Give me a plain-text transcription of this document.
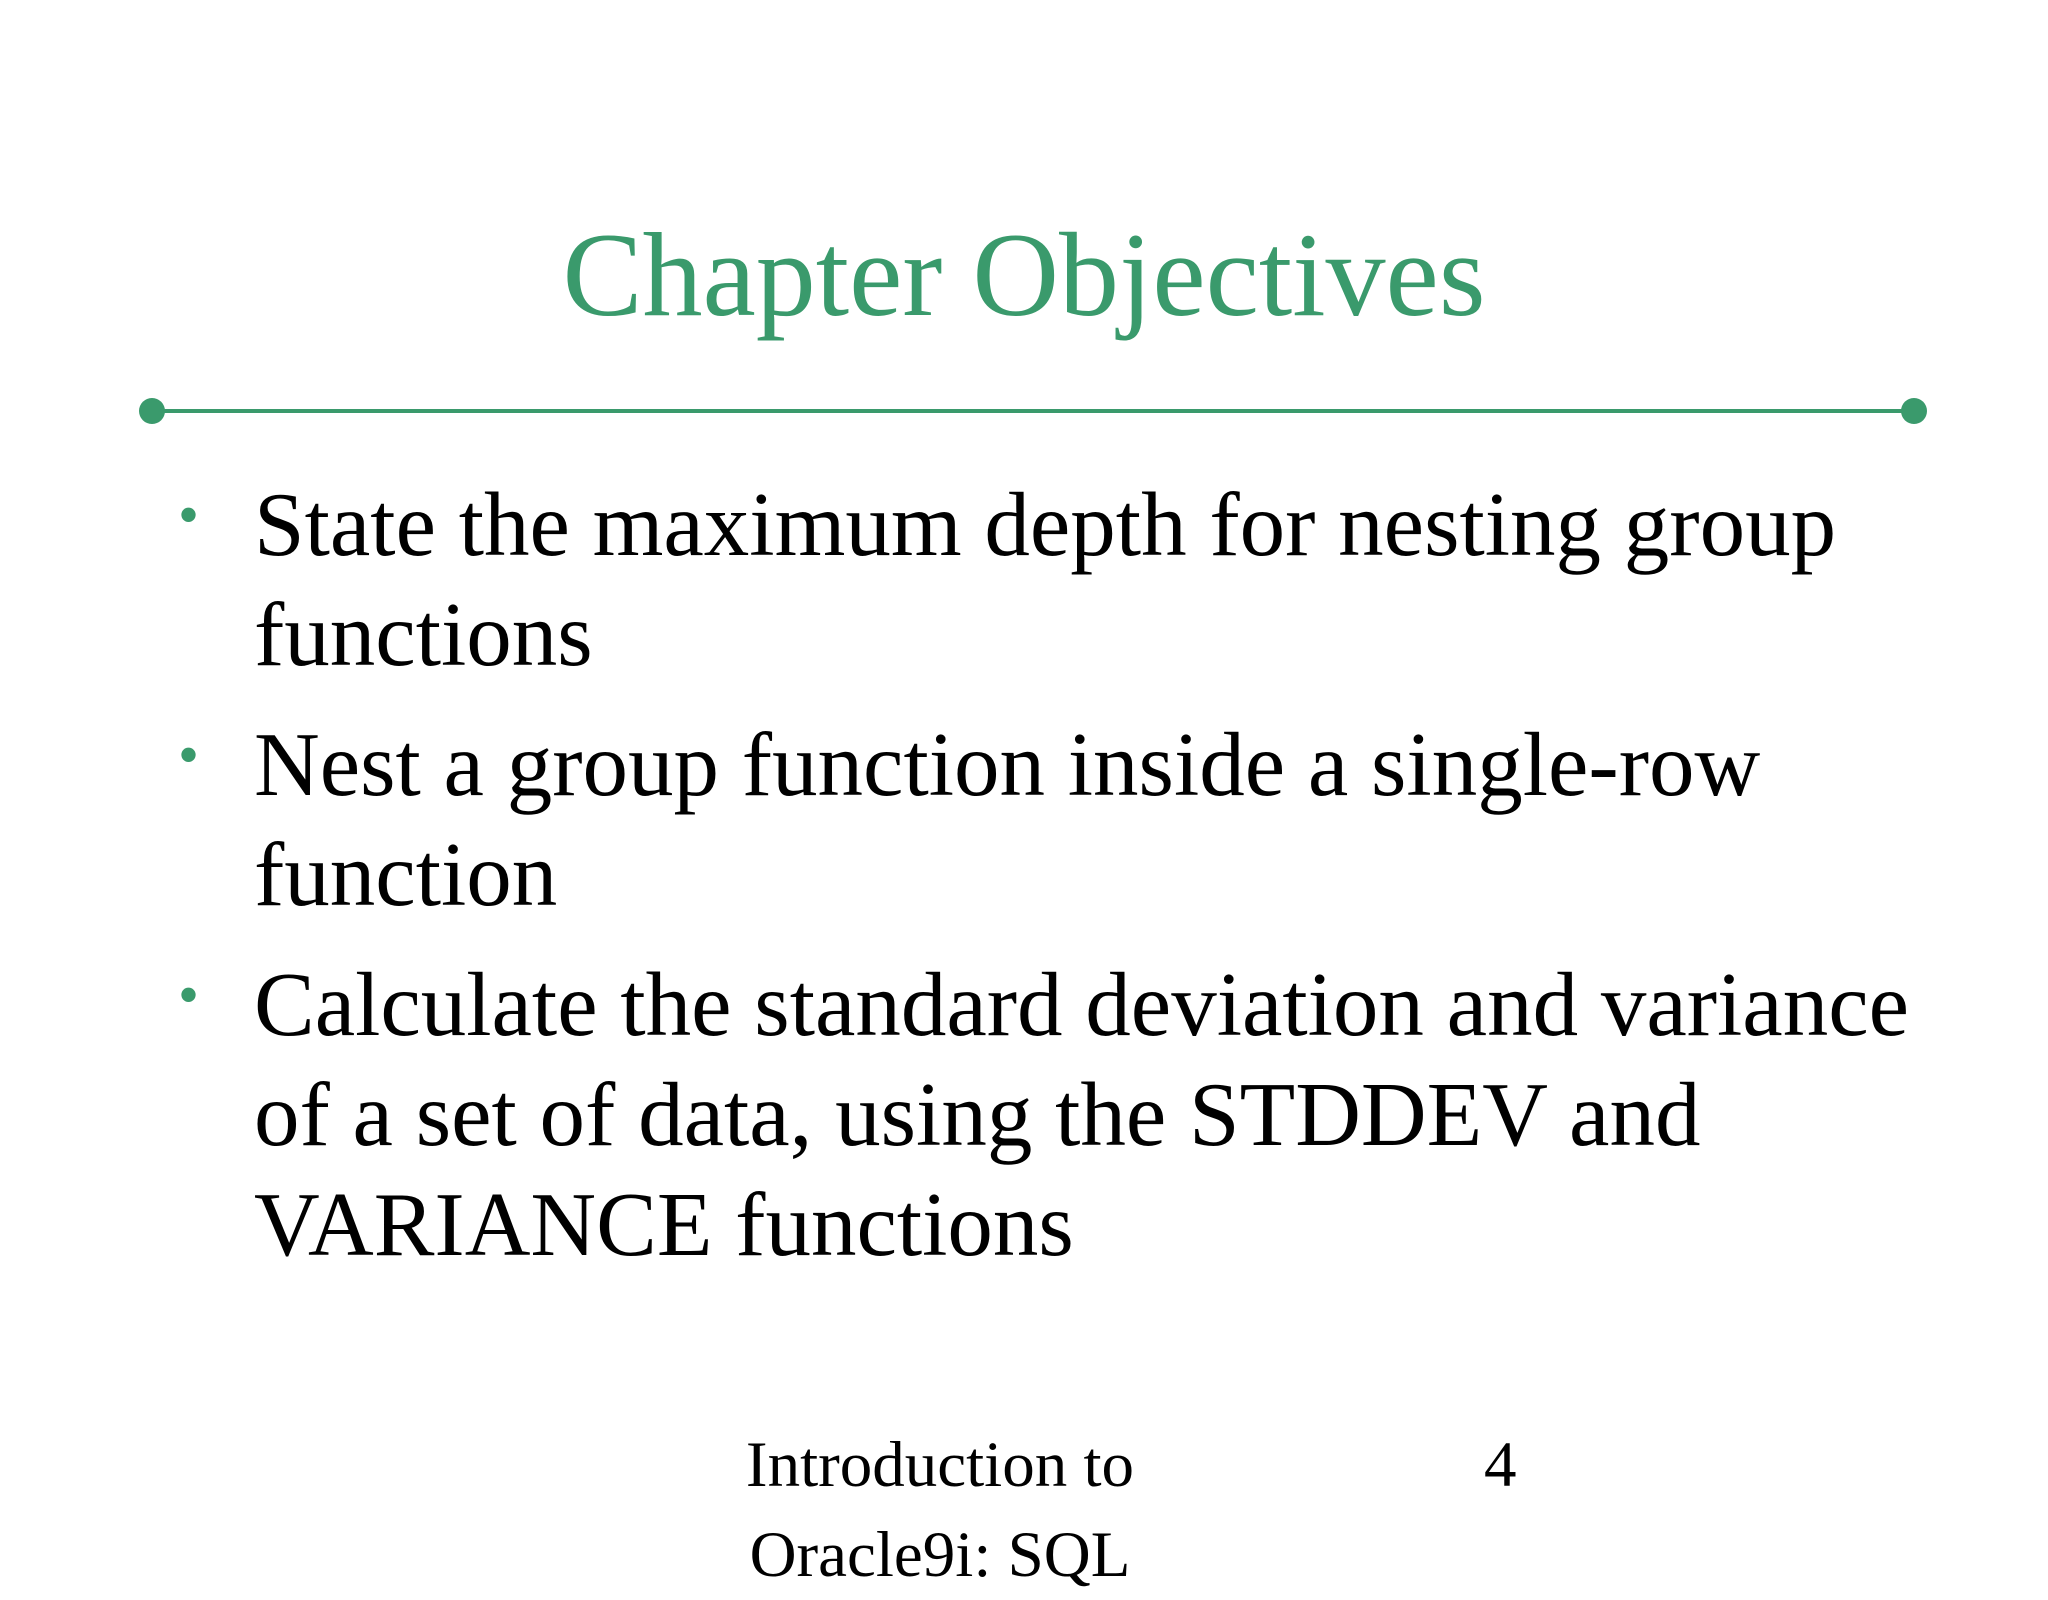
Chapter Objectives
• State the maximum depth for nesting group functions
• Nest a group function inside a single-row function
• Calculate the standard deviation and variance of a set of data, using the STDDEV and VARIANCE functions
Introduction to
Oracle9i: SQL
4
